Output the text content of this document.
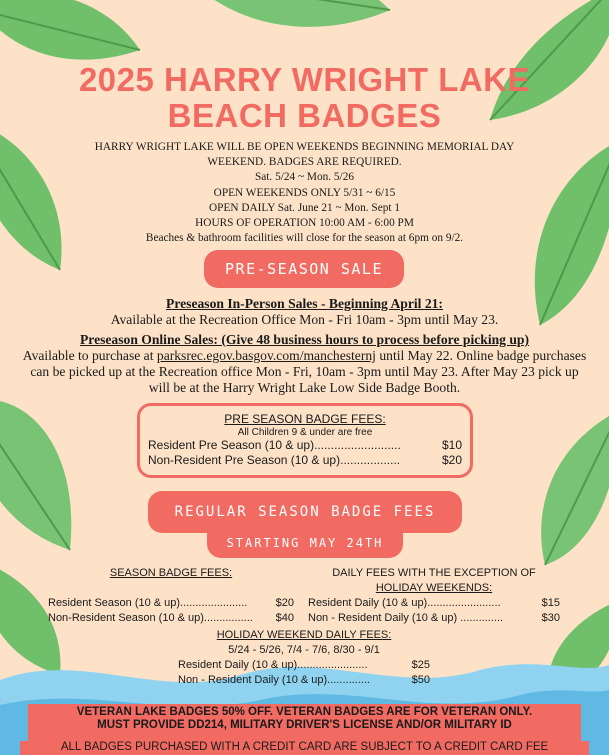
2025 HARRY WRIGHT LAKE
BEACH BADGES
HARRY WRIGHT LAKE WILL BE OPEN WEEKENDS BEGINNING MEMORIAL DAY
WEEKEND. BADGES ARE REQUIRED.
Sat. 5/24 ~ Mon. 5/26
OPEN WEEKENDS ONLY 5/31 ~ 6/15
OPEN DAILY Sat. June 21 ~ Mon. Sept 1
HOURS OF OPERATION 10:00 AM - 6:00 PM
Beaches & bathroom facilities will close for the season at 6pm on 9/2.
PRE-SEASON SALE
Preseason In-Person Sales - Beginning April 21:
Available at the Recreation Office Mon - Fri 10am - 3pm until May 23.
Preseason Online Sales: (Give 48 business hours to process before picking up)
Available to purchase at parksrec.egov.basgov.com/manchesternj until May 22. Online badge purchases can be picked up at the Recreation office Mon - Fri, 10am - 3pm until May 23. After May 23 pick up will be at the Harry Wright Lake Low Side Badge Booth.
PRE SEASON BADGE FEES:
All Children 9 & under are free
Resident Pre Season (10 & up)..........................	$10
Non-Resident Pre Season (10 & up)..................	$20
REGULAR SEASON BADGE FEES
STARTING MAY 24TH
SEASON BADGE FEES:
Resident Season (10 & up)......................	$20
Non-Resident Season (10 & up)................ $40
DAILY FEES WITH THE EXCEPTION OF
HOLIDAY WEEKENDS:
Resident Daily (10 & up)........................	$15
Non - Resident Daily (10 & up) ..............	$30
HOLIDAY WEEKEND DAILY FEES:
5/24 - 5/26, 7/4 - 7/6, 8/30 - 9/1
Resident Daily (10 & up).......................	$25
Non - Resident Daily (10 & up)..............	$50
VETERAN LAKE BADGES 50% OFF. VETERAN BADGES ARE FOR VETERAN ONLY.
MUST PROVIDE DD214, MILITARY DRIVER'S LICENSE AND/OR MILITARY ID
ALL BADGES PURCHASED WITH A CREDIT CARD ARE SUBJECT TO A CREDIT CARD FEE
